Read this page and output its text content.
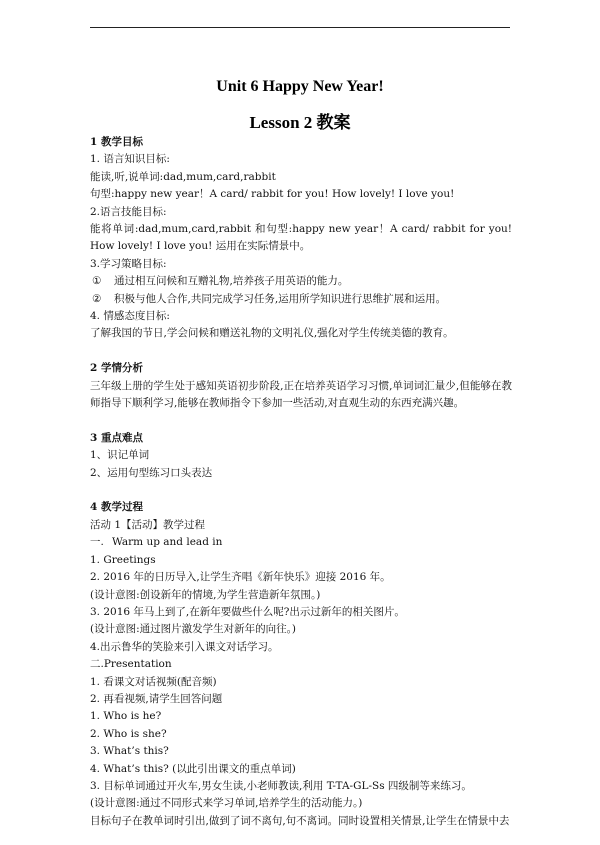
Unit 6 Happy New Year!
Lesson 2 教案
1 教学目标
1. 语言知识目标:
能读,听,说单词:dad,mum,card,rabbit
句型:happy new year！A card/ rabbit for you! How lovely! I love you!
2.语言技能目标:
能将单词:dad,mum,card,rabbit 和句型:happy new year！A card/ rabbit for you! How lovely! I love you! 运用在实际情景中。
3.学习策略目标:
① 通过相互问候和互赠礼物,培养孩子用英语的能力。
② 积极与他人合作,共同完成学习任务,运用所学知识进行思维扩展和运用。
4. 情感态度目标:
了解我国的节日,学会问候和赠送礼物的文明礼仪,强化对学生传统美德的教育。
2 学情分析
三年级上册的学生处于感知英语初步阶段,正在培养英语学习习惯,单词词汇量少,但能够在教师指导下顺利学习,能够在教师指令下参加一些活动,对直观生动的东西充满兴趣。
3 重点难点
1、识记单词
2、运用句型练习口头表达
4 教学过程
活动 1【活动】教学过程
一. Warm up and lead in
1. Greetings
2. 2016 年的日历导入,让学生齐唱《新年快乐》迎接 2016 年。
(设计意图:创设新年的情境,为学生营造新年氛围。)
3. 2016 年马上到了,在新年要做些什么呢?出示过新年的相关图片。
(设计意图:通过图片激发学生对新年的向往。)
4.出示鲁华的笑脸来引入课文对话学习。
二.Presentation
1. 看课文对话视频(配音频)
2. 再看视频,请学生回答问题
1. Who is he?
2. Who is she?
3. What’s this?
4. What’s this? (以此引出课文的重点单词)
3. 目标单词通过开火车,男女生读,小老师教读,利用 T-TA-GL-Ss 四级制等来练习。
(设计意图:通过不同形式来学习单词,培养学生的活动能力。)
目标句子在教单词时引出,做到了词不离句,句不离词。同时设置相关情景,让学生在情景中去
